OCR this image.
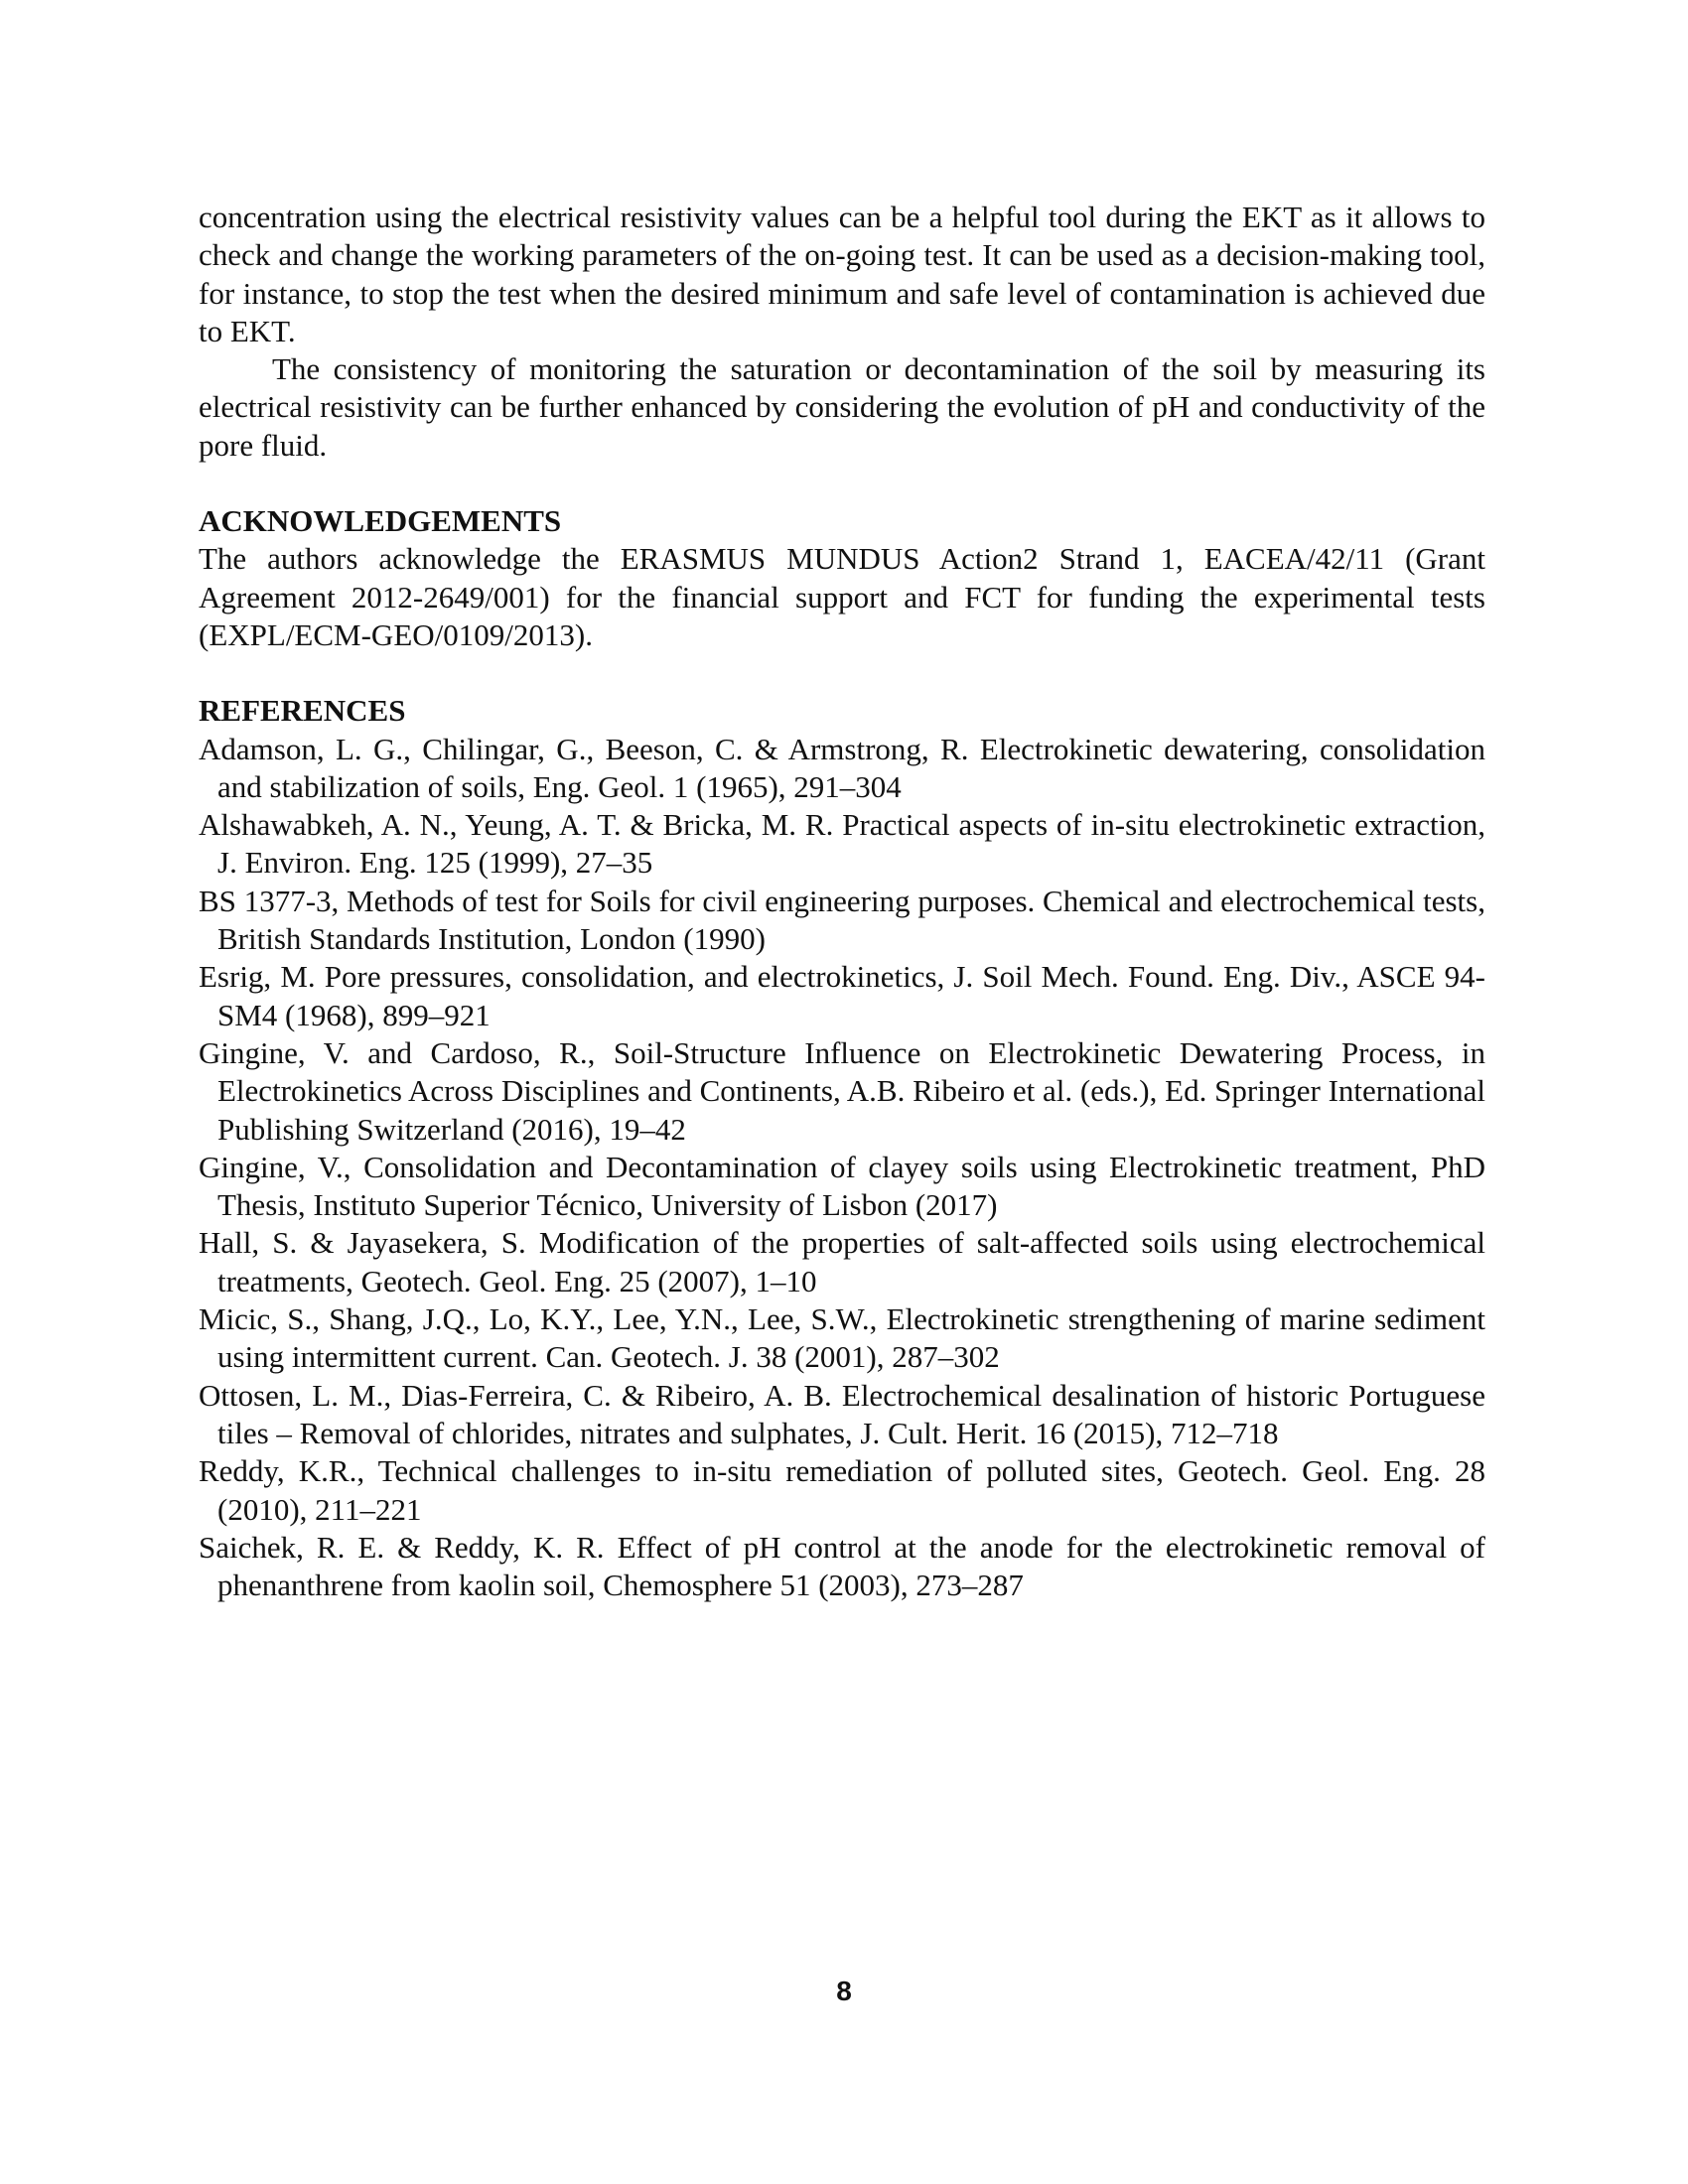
concentration using the electrical resistivity values can be a helpful tool during the EKT as it allows to check and change the working parameters of the on-going test. It can be used as a decision-making tool, for instance, to stop the test when the desired minimum and safe level of contamination is achieved due to EKT.

The consistency of monitoring the saturation or decontamination of the soil by measuring its electrical resistivity can be further enhanced by considering the evolution of pH and conductivity of the pore fluid.

ACKNOWLEDGEMENTS

The authors acknowledge the ERASMUS MUNDUS Action2 Strand 1, EACEA/42/11 (Grant Agreement 2012-2649/001) for the financial support and FCT for funding the experimental tests (EXPL/ECM-GEO/0109/2013).

REFERENCES
Adamson, L. G., Chilingar, G., Beeson, C. & Armstrong, R. Electrokinetic dewatering, consolidation and stabilization of soils, Eng. Geol. 1 (1965), 291–304
Alshawabkeh, A. N., Yeung, A. T. & Bricka, M. R. Practical aspects of in-situ electrokinetic extraction, J. Environ. Eng. 125 (1999), 27–35
BS 1377-3, Methods of test for Soils for civil engineering purposes. Chemical and electrochemical tests, British Standards Institution, London (1990)
Esrig, M. Pore pressures, consolidation, and electrokinetics, J. Soil Mech. Found. Eng. Div., ASCE 94-SM4 (1968), 899–921
Gingine, V. and Cardoso, R., Soil-Structure Influence on Electrokinetic Dewatering Process, in Electrokinetics Across Disciplines and Continents, A.B. Ribeiro et al. (eds.), Ed. Springer International Publishing Switzerland (2016), 19–42
Gingine, V., Consolidation and Decontamination of clayey soils using Electrokinetic treatment, PhD Thesis, Instituto Superior Técnico, University of Lisbon (2017)
Hall, S. & Jayasekera, S. Modification of the properties of salt-affected soils using electrochemical treatments, Geotech. Geol. Eng. 25 (2007), 1–10
Micic, S., Shang, J.Q., Lo, K.Y., Lee, Y.N., Lee, S.W., Electrokinetic strengthening of marine sediment using intermittent current. Can. Geotech. J. 38 (2001), 287–302
Ottosen, L. M., Dias-Ferreira, C. & Ribeiro, A. B. Electrochemical desalination of historic Portuguese tiles – Removal of chlorides, nitrates and sulphates, J. Cult. Herit. 16 (2015), 712–718
Reddy, K.R., Technical challenges to in-situ remediation of polluted sites, Geotech. Geol. Eng. 28 (2010), 211–221
Saichek, R. E. & Reddy, K. R. Effect of pH control at the anode for the electrokinetic removal of phenanthrene from kaolin soil, Chemosphere 51 (2003), 273–287
8
